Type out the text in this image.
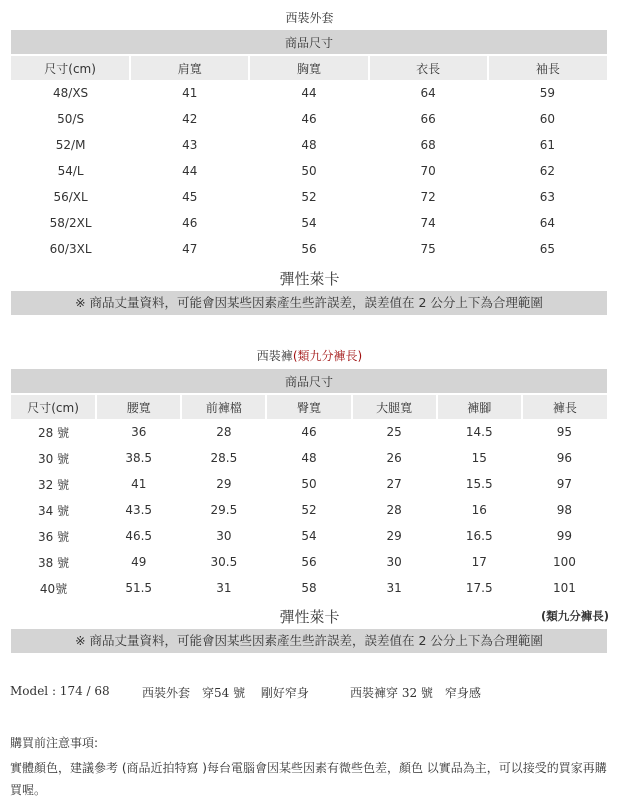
西裝外套
商品尺寸				
尺寸(cm)	肩寬	胸寬	衣長	袖長
48/XS	41	44	64	59
50/S	42	46	66	60
52/M	43	48	68	61
54/L	44	50	70	62
56/XL	45	52	72	63
58/2XL	46	54	74	64
60/3XL	47	56	75	65
彈性萊卡
※ 商品丈量資料，可能會因某些因素產生些許誤差，誤差值在 2 公分上下為合理範圍
西裝褲(類九分褲長)
商品尺寸						
尺寸(cm)	腰寬	前褲檔	臀寬	大腿寬	褲腳	褲長
28 號	36	28	46	25	14.5	95
30 號	38.5	28.5	48	26	15	96
32 號	41	29	50	27	15.5	97
34 號	43.5	29.5	52	28	16	98
36 號	46.5	30	54	29	16.5	99
38 號	49	30.5	56	30	17	100
40號	51.5	31	58	31	17.5	101
彈性萊卡	(類九分褲長)
※ 商品丈量資料，可能會因某些因素產生些許誤差，誤差值在 2 公分上下為合理範圍
Model : 174 / 68	西裝外套　穿54 號　 剛好窄身	西裝褲穿 32 號　窄身感
購買前注意事項:
實體顏色，建議參考 (商品近拍特寫 )每台電腦會因某些因素有微些色差，顏色 以實品為主，可以接受的買家再購買喔。
